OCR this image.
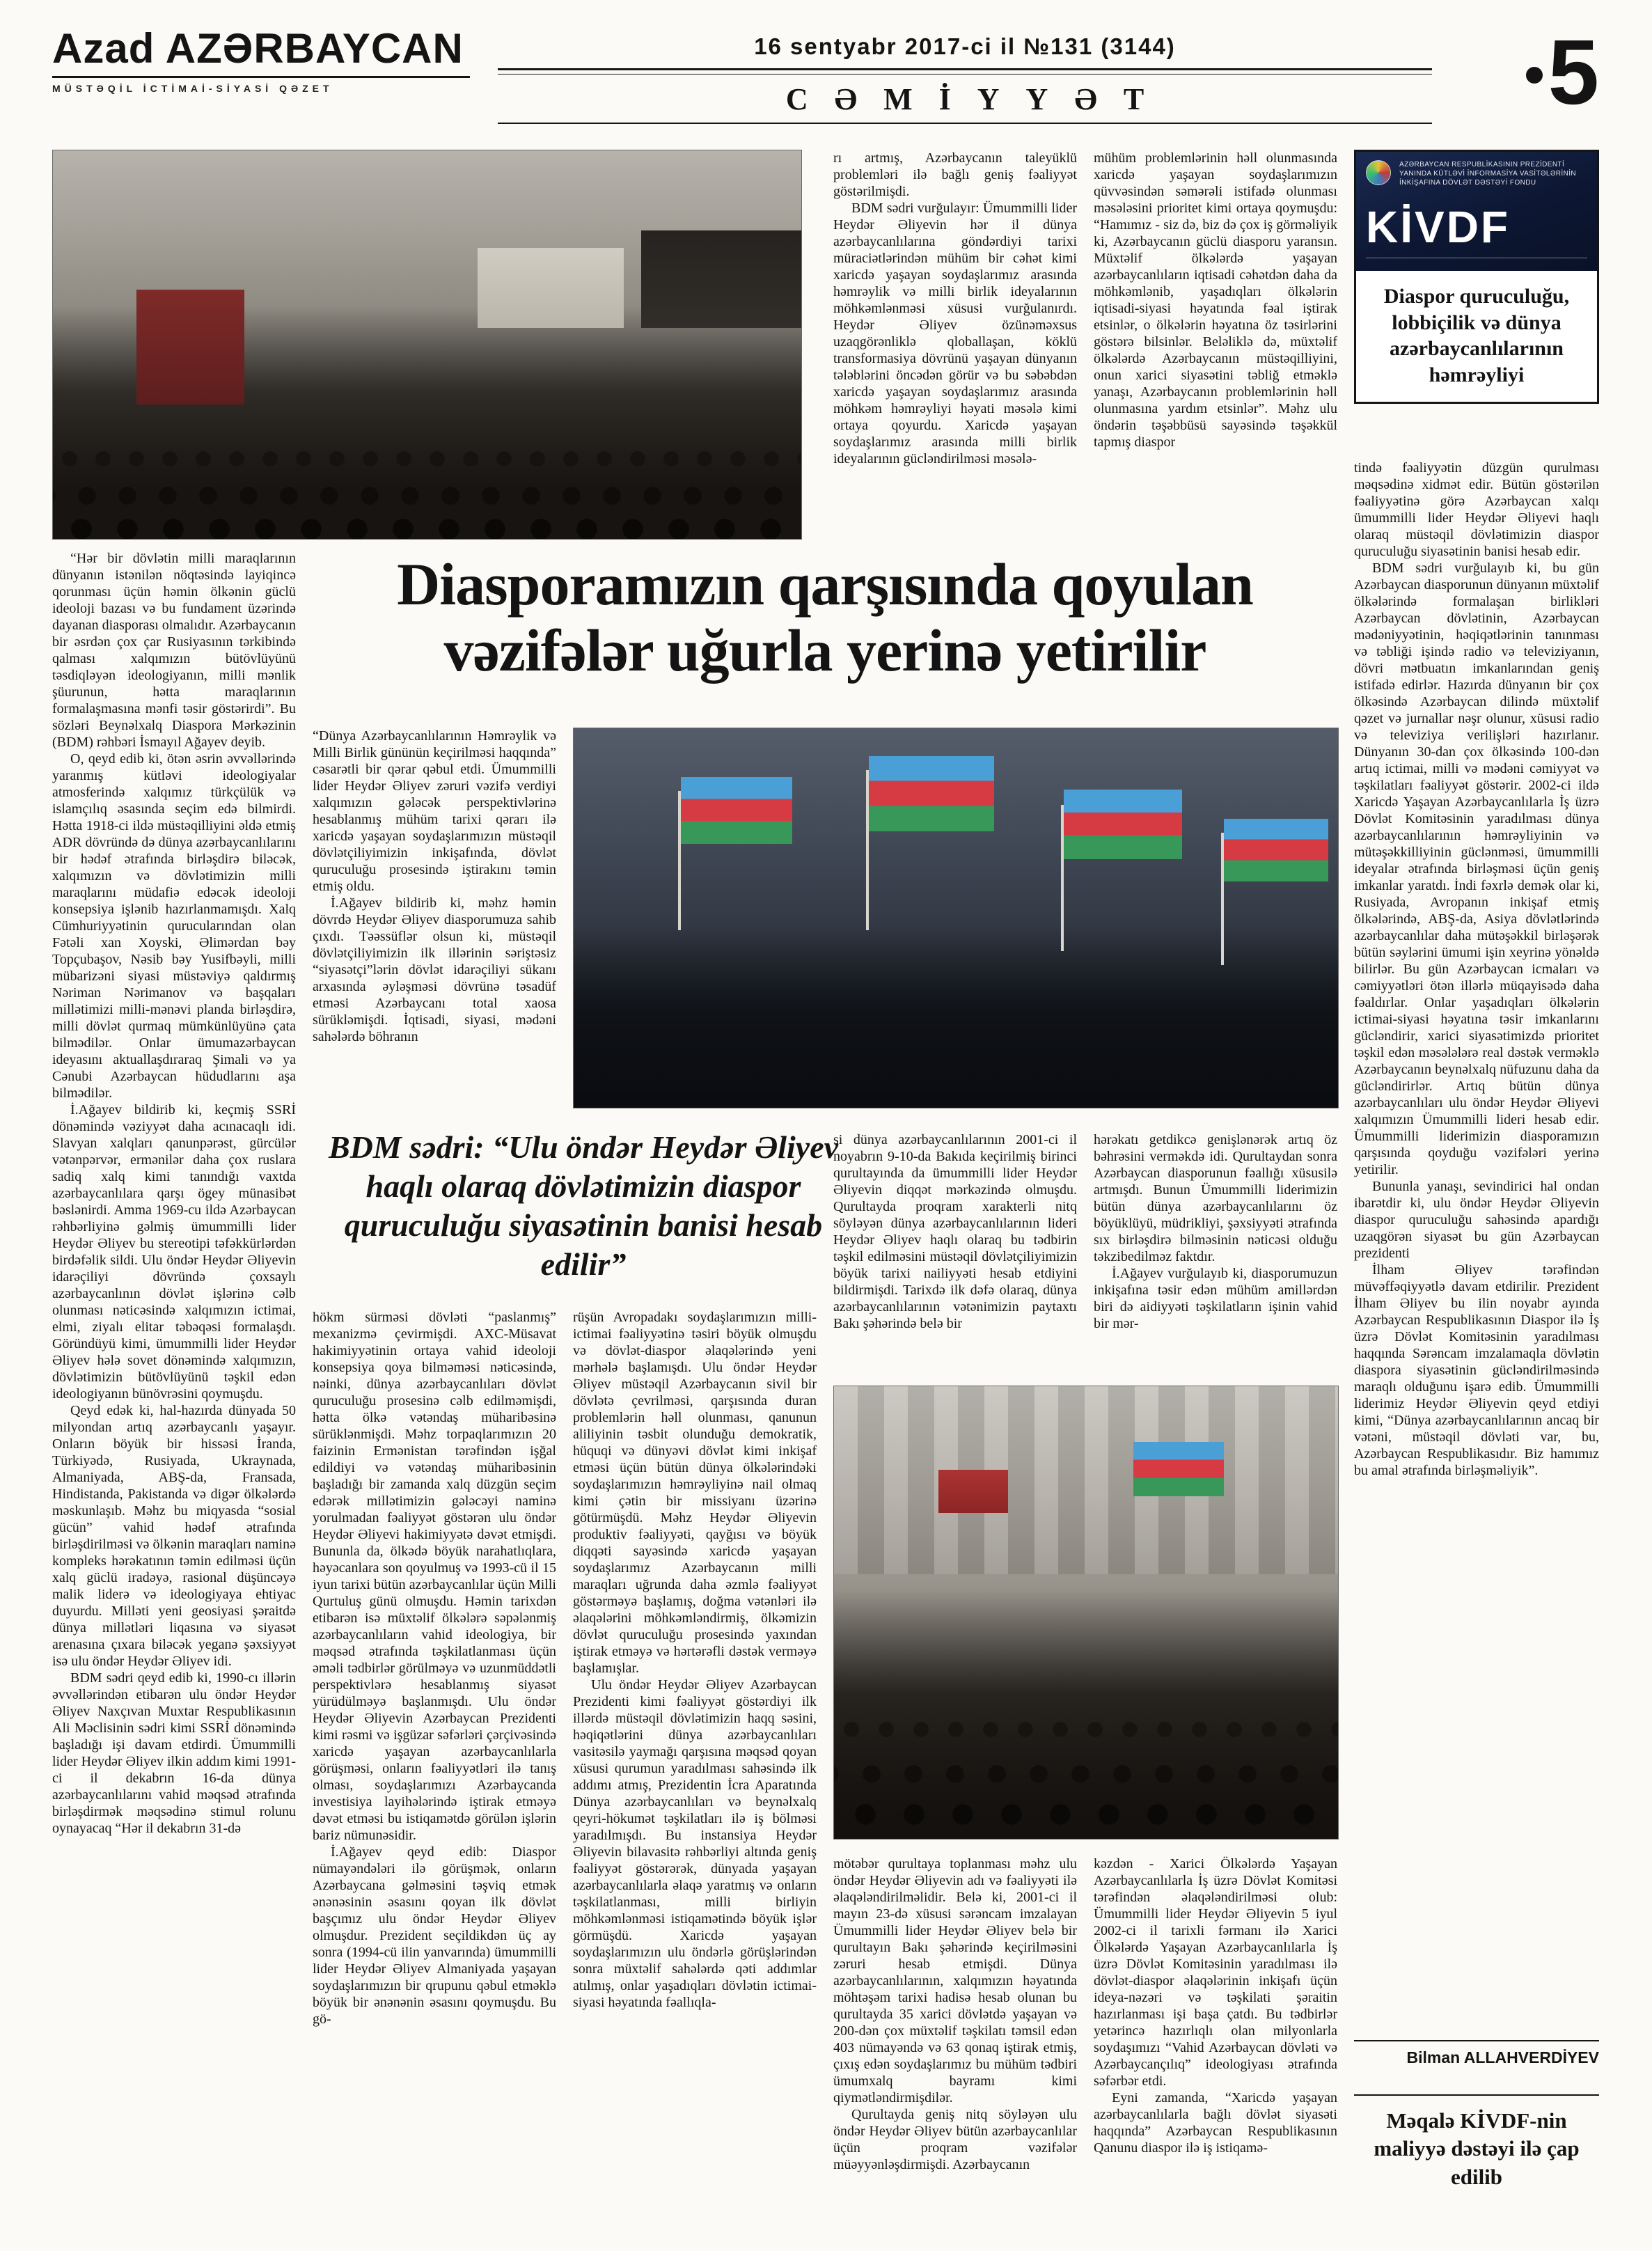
Azad AZƏRBAYCAN
MÜSTƏQİL İCTİMAİ-SİYASİ QƏZET
16 sentyabr 2017-ci il №131 (3144)
CƏMİYYƏT	5
AZƏRBAYCAN RESPUBLİKASININ PREZİDENTİ YANINDA KÜTLƏVİ İNFORMASİYA VASİTƏLƏRİNİN İNKİŞAFINA DÖVLƏT DƏSTƏYİ FONDU
KİVDF
Diaspor quruculuğu, lobbiçilik və dünya azərbaycanlılarının həmrəyliyi
Diasporamızın qarşısında qoyulan vəzifələr uğurla yerinə yetirilir
BDM sədri: “Ulu öndər Heydər Əliyev haqlı olaraq dövlətimizin diaspor quruculuğu siyasətinin banisi hesab edilir”

rı artmış, Azərbaycanın taleyüklü problemləri ilə bağlı geniş fəaliyyət göstərilmişdi.

BDM sədri vurğulayır: Ümummilli lider Heydər Əliyevin hər il dünya azərbaycanlılarına göndərdiyi tarixi müraciətlərindən mühüm bir cəhət kimi xaricdə yaşayan soydaşlarımız arasında həmrəylik və milli birlik ideyalarının möhkəmlənməsi xüsusi vurğulanırdı. Heydər Əliyev özünəməxsus uzaqgörənliklə qloballaşan, köklü transformasiya dövrünü yaşayan dünyanın tələblərini öncədən görür və bu səbəbdən xaricdə yaşayan soydaşlarımız arasında möhkəm həmrəyliyi həyati məsələ kimi ortaya qoyurdu. Xaricdə yaşayan soydaşlarımız arasında milli birlik ideyalarının gücləndirilməsi məsələ-

mühüm problemlərinin həll olunmasında xaricdə yaşayan soydaşlarımızın qüvvəsindən səmərəli istifadə olunması məsələsini prioritet kimi ortaya qoymuşdu: “Hamımız - siz də, biz də çox iş görməliyik ki, Azərbaycanın güclü diasporu yaransın. Müxtəlif ölkələrdə yaşayan azərbaycanlıların iqtisadi cəhətdən daha da möhkəmlənib, yaşadıqları ölkələrin iqtisadi-siyasi həyatında fəal iştirak etsinlər, o ölkələrin həyatına öz təsirlərini göstərə bilsinlər. Beləliklə də, müxtəlif ölkələrdə Azərbaycanın müstəqilliyini, onun xarici siyasətini təbliğ etməklə yanaşı, Azərbaycanın problemlərinin həll olunmasına yardım etsinlər”. Məhz ulu öndərin təşəbbüsü sayəsində təşəkkül tapmış diaspor

“Hər bir dövlətin milli maraqlarının dünyanın istənilən nöqtəsində layiqincə qorunması üçün həmin ölkənin güclü ideoloji bazası və bu fundament üzərində dayanan diasporası olmalıdır. Azərbaycanın bir əsrdən çox çar Rusiyasının tərkibində qalması xalqımızın bütövlüyünü təsdiqləyən ideologiyanın, milli mənlik şüurunun, hətta maraqlarının formalaşmasına mənfi təsir göstərirdi”. Bu sözləri Beynəlxalq Diaspora Mərkəzinin (BDM) rəhbəri İsmayıl Ağayev deyib.

O, qeyd edib ki, ötən əsrin əvvəllərində yaranmış kütləvi ideologiyalar atmosferində xalqımız türkçülük və islamçılıq əsasında seçim edə bilmirdi. Hətta 1918-ci ildə müstəqilliyini əldə etmiş ADR dövründə də dünya azərbaycanlılarını bir hədəf ətrafında birləşdirə biləcək, xalqımızın və dövlətimizin milli maraqlarını müdafiə edəcək ideoloji konsepsiya işlənib hazırlanmamışdı. Xalq Cümhuriyyətinin qurucularından olan Fətəli xan Xoyski, Əlimərdan bəy Topçubaşov, Nəsib bəy Yusifbəyli, milli mübarizəni siyasi müstəviyə qaldırmış Nəriman Nərimanov və başqaları millətimizi milli-mənəvi planda birləşdirə, milli dövlət qurmaq mümkünlüyünə çata bilmədilər. Onlar ümumazərbaycan ideyasını aktuallaşdıraraq Şimali və ya Cənubi Azərbaycan hüdudlarını aşa bilmədilər.

İ.Ağayev bildirib ki, keçmiş SSRİ dönəmində vəziyyət daha acınacaqlı idi. Slavyan xalqları qanunpərəst, gürcülər vətənpərvər, ermənilər daha çox ruslara sadiq xalq kimi tanındığı vaxtda azərbaycanlılara qarşı ögey münasibət bəslənirdi. Amma 1969-cu ildə Azərbaycan rəhbərliyinə gəlmiş ümummilli lider Heydər Əliyev bu stereotipi təfəkkürlərdən birdəfəlik sildi. Ulu öndər Heydər Əliyevin idarəçiliyi dövründə çoxsaylı azərbaycanlının dövlət işlərinə cəlb olunması nəticəsində xalqımızın ictimai, elmi, ziyalı elitar təbəqəsi formalaşdı. Göründüyü kimi, ümummilli lider Heydər Əliyev hələ sovet dönəmində xalqımızın, dövlətimizin bütövlüyünü təşkil edən ideologiyanın bünövrəsini qoymuşdu.

Qeyd edək ki, hal-hazırda dünyada 50 milyondan artıq azərbaycanlı yaşayır. Onların böyük bir hissəsi İranda, Türkiyədə, Rusiyada, Ukraynada, Almaniyada, ABŞ-da, Fransada, Hindistanda, Pakistanda və digər ölkələrdə məskunlaşıb. Məhz bu miqyasda “sosial gücün” vahid hədəf ətrafında birləşdirilməsi və ölkənin maraqları naminə kompleks hərəkatının təmin edilməsi üçün xalq güclü iradəyə, rasional düşüncəyə malik liderə və ideologiyaya ehtiyac duyurdu. Milləti yeni geosiyasi şəraitdə dünya millətləri liqasına və siyasət arenasına çıxara biləcək yeganə şəxsiyyət isə ulu öndər Heydər Əliyev idi.

BDM sədri qeyd edib ki, 1990-cı illərin əvvəllərindən etibarən ulu öndər Heydər Əliyev Naxçıvan Muxtar Respublikasının Ali Məclisinin sədri kimi SSRİ dönəmində başladığı işi davam etdirdi. Ümummilli lider Heydər Əliyev ilkin addım kimi 1991-ci il dekabrın 16-da dünya azərbaycanlılarını vahid məqsəd ətrafında birləşdirmək məqsədinə stimul rolunu oynayacaq “Hər il dekabrın 31-də

“Dünya Azərbaycanlılarının Həmrəylik və Milli Birlik gününün keçirilməsi haqqında” cəsarətli bir qərar qəbul etdi. Ümummilli lider Heydər Əliyev zəruri vəzifə verdiyi xalqımızın gələcək perspektivlərinə hesablanmış mühüm tarixi qərarı ilə xaricdə yaşayan soydaşlarımızın müstəqil dövlətçiliyimizin inkişafında, dövlət quruculuğu prosesində iştirakını təmin etmiş oldu.

İ.Ağayev bildirib ki, məhz həmin dövrdə Heydər Əliyev diasporumuza sahib çıxdı. Təəssüflər olsun ki, müstəqil dövlətçiliyimizin ilk illərinin səriştəsiz “siyasətçi”lərin dövlət idarəçiliyi sükanı arxasında əyləşməsi dövrünə təsadüf etməsi Azərbaycanı total xaosa sürükləmişdi. İqtisadi, siyasi, mədəni sahələrdə böhranın

hökm sürməsi dövləti “paslanmış” mexanizmə çevirmişdi. AXC-Müsavat hakimiyyətinin ortaya vahid ideoloji konsepsiya qoya bilməməsi nəticəsində, nəinki, dünya azərbaycanlıları dövlət quruculuğu prosesinə cəlb edilməmişdi, hətta ölkə vətəndaş müharibəsinə sürüklənmişdi. Məhz torpaqlarımızın 20 faizinin Ermənistan tərəfindən işğal edildiyi və vətəndaş müharibəsinin başladığı bir zamanda xalq düzgün seçim edərək millətimizin gələcəyi naminə yorulmadan fəaliyyət göstərən ulu öndər Heydər Əliyevi hakimiyyətə dəvət etmişdi. Bununla da, ölkədə böyük narahatlıqlara, həyəcanlara son qoyulmuş və 1993-cü il 15 iyun tarixi bütün azərbaycanlılar üçün Milli Qurtuluş günü olmuşdu. Həmin tarixdən etibarən isə müxtəlif ölkələrə səpələnmiş azərbaycanlıların vahid ideologiya, bir məqsəd ətrafında təşkilatlanması üçün əməli tədbirlər görülməyə və uzunmüddətli perspektivlərə hesablanmış siyasət yürüdülməyə başlanmışdı. Ulu öndər Heydər Əliyevin Azərbaycan Prezidenti kimi rəsmi və işgüzar səfərləri çərçivəsində xaricdə yaşayan azərbaycanlılarla görüşməsi, onların fəaliyyətləri ilə tanış olması, soydaşlarımızı Azərbaycanda investisiya layihələrində iştirak etməyə dəvət etməsi bu istiqamətdə görülən işlərin bariz nümunəsidir.

İ.Ağayev qeyd edib: Diaspor nümayəndələri ilə görüşmək, onların Azərbaycana gəlməsini təşviq etmək ənənəsinin əsasını qoyan ilk dövlət başçımız ulu öndər Heydər Əliyev olmuşdur. Prezident seçildikdən üç ay sonra (1994-cü ilin yanvarında) ümummilli lider Heydər Əliyev Almaniyada yaşayan soydaşlarımızın bir qrupunu qəbul etməklə böyük bir ənənənin əsasını qoymuşdu. Bu gö-

rüşün Avropadakı soydaşlarımızın milli-ictimai fəaliyyətinə təsiri böyük olmuşdu və dövlət-diaspor əlaqələrində yeni mərhələ başlamışdı. Ulu öndər Heydər Əliyev müstəqil Azərbaycanın sivil bir dövlətə çevrilməsi, qarşısında duran problemlərin həll olunması, qanunun aliliyinin təsbit olunduğu demokratik, hüquqi və dünyəvi dövlət kimi inkişaf etməsi üçün bütün dünya ölkələrindəki soydaşlarımızın həmrəyliyinə nail olmaq kimi çətin bir missiyanı üzərinə götürmüşdü. Məhz Heydər Əliyevin produktiv fəaliyyəti, qayğısı və böyük diqqəti sayəsində xaricdə yaşayan soydaşlarımız Azərbaycanın milli maraqları uğrunda daha əzmlə fəaliyyət göstərməyə başlamış, doğma vətənləri ilə əlaqələrini möhkəmləndirmiş, ölkəmizin dövlət quruculuğu prosesində yaxından iştirak etməyə və hərtərəfli dəstək verməyə başlamışlar.

Ulu öndər Heydər Əliyev Azərbaycan Prezidenti kimi fəaliyyət göstərdiyi ilk illərdə müstəqil dövlətimizin haqq səsini, həqiqətlərini dünya azərbaycanlıları vasitəsilə yaymağı qarşısına məqsəd qoyan xüsusi qurumun yaradılması sahəsində ilk addımı atmış, Prezidentin İcra Aparatında Dünya azərbaycanlıları və beynəlxalq qeyri-hökumət təşkilatları ilə iş bölməsi yaradılmışdı. Bu instansiya Heydər Əliyevin bilavasitə rəhbərliyi altında geniş fəaliyyət göstərərək, dünyada yaşayan azərbaycanlılarla əlaqə yaratmış və onların təşkilatlanması, milli birliyin möhkəmlənməsi istiqamətində böyük işlər görmüşdü. Xaricdə yaşayan soydaşlarımızın ulu öndərlə görüşlərindən sonra müxtəlif sahələrdə qəti addımlar atılmış, onlar yaşadıqları dövlətin ictimai-siyasi həyatında fəallıqla-

si dünya azərbaycanlılarının 2001-ci il noyabrın 9-10-da Bakıda keçirilmiş birinci qurultayında da ümummilli lider Heydər Əliyevin diqqət mərkəzində olmuşdu. Qurultayda proqram xarakterli nitq söyləyən dünya azərbaycanlılarının lideri Heydər Əliyev haqlı olaraq bu tədbirin təşkil edilməsini müstəqil dövlətçiliyimizin böyük tarixi nailiyyəti hesab etdiyini bildirmişdi. Tarixdə ilk dəfə olaraq, dünya azərbaycanlılarının vətənimizin paytaxtı Bakı şəhərində belə bir

mötəbər qurultaya toplanması məhz ulu öndər Heydər Əliyevin adı və fəaliyyəti ilə əlaqələndirilməlidir. Belə ki, 2001-ci il mayın 23-də xüsusi sərəncam imzalayan Ümummilli lider Heydər Əliyev belə bir qurultayın Bakı şəhərində keçirilməsini zəruri hesab etmişdi. Dünya azərbaycanlılarının, xalqımızın həyatında möhtəşəm tarixi hadisə hesab olunan bu qurultayda 35 xarici dövlətdə yaşayan və 200-dən çox müxtəlif təşkilatı təmsil edən 403 nümayəndə və 63 qonaq iştirak etmiş, çıxış edən soydaşlarımız bu mühüm tədbiri ümumxalq bayramı kimi qiymətləndirmişdilər.

Qurultayda geniş nitq söyləyən ulu öndər Heydər Əliyev bütün azərbaycanlılar üçün proqram vəzifələr müəyyənləşdirmişdi. Azərbaycanın

hərəkatı getdikcə genişlənərək artıq öz bəhrəsini verməkdə idi. Qurultaydan sonra Azərbaycan diasporunun fəallığı xüsusilə artmışdı. Bunun Ümummilli liderimizin bütün dünya azərbaycanlılarını öz böyüklüyü, müdrikliyi, şəxsiyyəti ətrafında sıx birləşdirə bilməsinin nəticəsi olduğu təkzibedilməz faktdır.

İ.Ağayev vurğulayıb ki, diasporumuzun inkişafına təsir edən mühüm amillərdən biri də aidiyyəti təşkilatların işinin vahid bir mər-

kəzdən - Xarici Ölkələrdə Yaşayan Azərbaycanlılarla İş üzrə Dövlət Komitəsi tərəfindən əlaqələndirilməsi olub: Ümummilli lider Heydər Əliyevin 5 iyul 2002-ci il tarixli fərmanı ilə Xarici Ölkələrdə Yaşayan Azərbaycanlılarla İş üzrə Dövlət Komitəsinin yaradılması ilə dövlət-diaspor əlaqələrinin inkişafı üçün ideya-nəzəri və təşkilati şəraitin hazırlanması işi başa çatdı. Bu tədbirlər yetərincə hazırlıqlı olan milyonlarla soydaşımızı “Vahid Azərbaycan dövləti və Azərbaycançılıq” ideologiyası ətrafında səfərbər etdi.

Eyni zamanda, “Xaricdə yaşayan azərbaycanlılarla bağlı dövlət siyasəti haqqında” Azərbaycan Respublikasının Qanunu diaspor ilə iş istiqamə-

tində fəaliyyətin düzgün qurulması məqsədinə xidmət edir. Bütün göstərilən fəaliyyətinə görə Azərbaycan xalqı ümummilli lider Heydər Əliyevi haqlı olaraq müstəqil dövlətimizin diaspor quruculuğu siyasətinin banisi hesab edir.

BDM sədri vurğulayıb ki, bu gün Azərbaycan diasporunun dünyanın müxtəlif ölkələrində formalaşan birlikləri Azərbaycan dövlətinin, Azərbaycan mədəniyyətinin, həqiqətlərinin tanınması və təbliği işində radio və televiziyanın, dövri mətbuatın imkanlarından geniş istifadə edirlər. Hazırda dünyanın bir çox ölkəsində Azərbaycan dilində müxtəlif qəzet və jurnallar nəşr olunur, xüsusi radio və televiziya verilişləri hazırlanır. Dünyanın 30-dan çox ölkəsində 100-dən artıq ictimai, milli və mədəni cəmiyyət və təşkilatları fəaliyyət göstərir. 2002-ci ildə Xaricdə Yaşayan Azərbaycanlılarla İş üzrə Dövlət Komitəsinin yaradılması dünya azərbaycanlılarının həmrəyliyinin və mütəşəkkilliyinin güclənməsi, ümummilli ideyalar ətrafında birləşməsi üçün geniş imkanlar yaratdı. İndi fəxrlə demək olar ki, Rusiyada, Avropanın inkişaf etmiş ölkələrində, ABŞ-da, Asiya dövlətlərində azərbaycanlılar daha mütəşəkkil birləşərək bütün səylərini ümumi işin xeyrinə yönəldə bilirlər. Bu gün Azərbaycan icmaları və cəmiyyətləri ötən illərlə müqayisədə daha fəaldırlar. Onlar yaşadıqları ölkələrin ictimai-siyasi həyatına təsir imkanlarını gücləndirir, xarici siyasətimizdə prioritet təşkil edən məsələlərə real dəstək verməklə Azərbaycanın beynəlxalq nüfuzunu daha da gücləndirirlər. Artıq bütün dünya azərbaycanlıları ulu öndər Heydər Əliyevi xalqımızın Ümummilli lideri hesab edir. Ümummilli liderimizin diasporamızın qarşısında qoyduğu vəzifələri yerinə yetirilir.

Bununla yanaşı, sevindirici hal ondan ibarətdir ki, ulu öndər Heydər Əliyevin diaspor quruculuğu sahəsində apardığı uzaqgörən siyasət bu gün Azərbaycan prezidenti

İlham Əliyev tərəfindən müvəffəqiyyətlə davam etdirilir. Prezident İlham Əliyev bu ilin noyabr ayında Azərbaycan Respublikasının Diaspor ilə İş üzrə Dövlət Komitəsinin yaradılması haqqında Sərəncam imzalamaqla dövlətin diaspora siyasətinin gücləndirilməsində maraqlı olduğunu işarə edib. Ümummilli liderimiz Heydər Əliyevin qeyd etdiyi kimi, “Dünya azərbaycanlılarının ancaq bir vətəni, müstəqil dövləti var, bu, Azərbaycan Respublikasıdır. Biz hamımız bu amal ətrafında birləşməliyik”.

Bilman ALLAHVERDİYEV
Məqalə KİVDF-nin maliyyə dəstəyi ilə çap edilib
